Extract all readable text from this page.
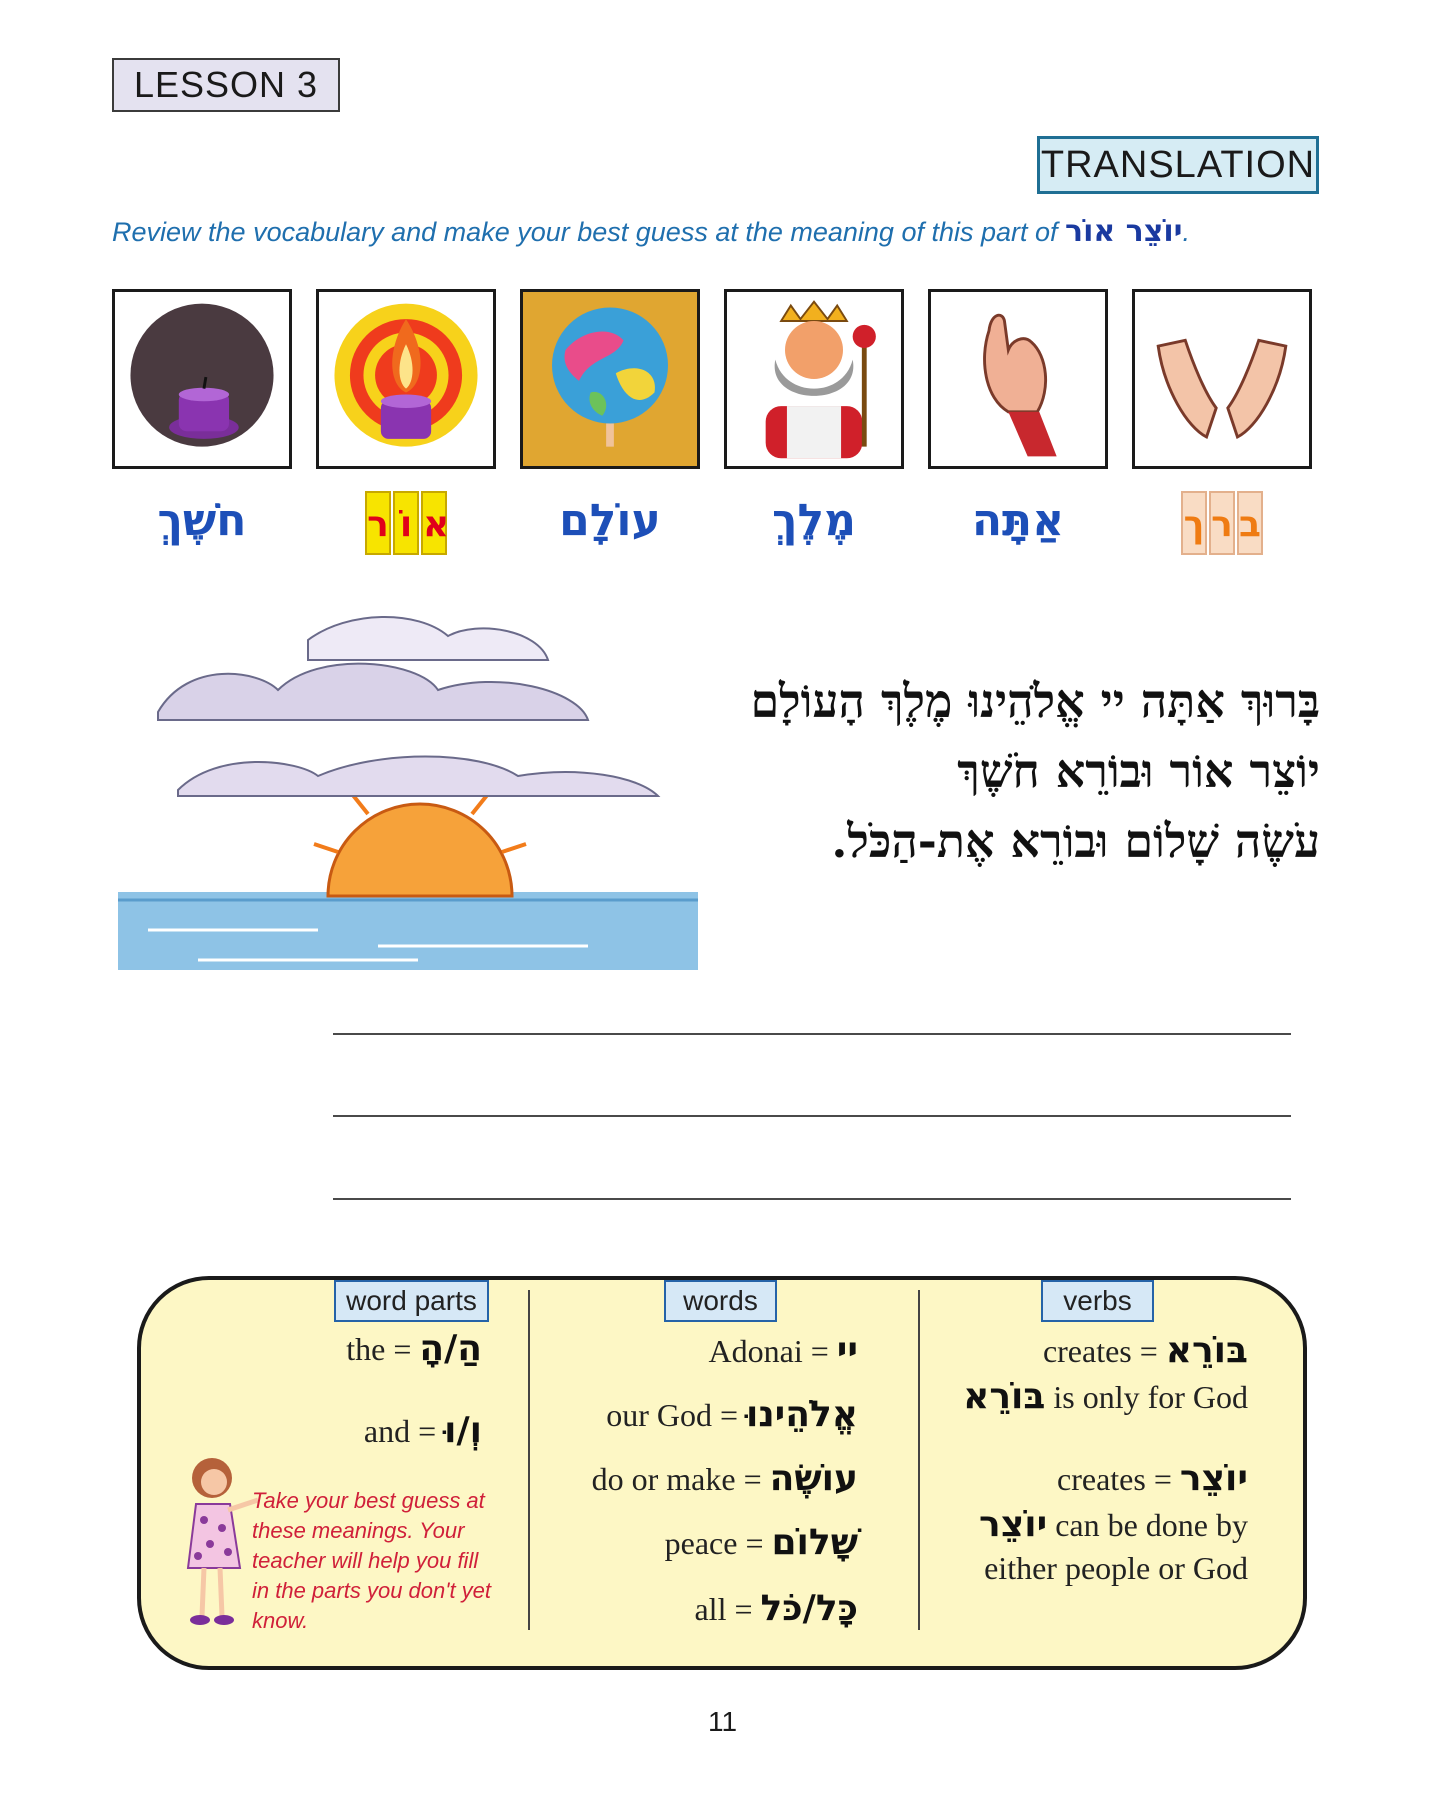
LESSON 3
TRANSLATION
Review the vocabulary and make your best guess at the meaning of this part of יוֹצֵר אוֹר.
חֹשֶׁךְ	ר וֹ א	עוֹלָם	מֶלֶךְ	אַתָּה	ך ר ב
בָּרוּךְ אַתָּה יי אֱלֹהֵינוּ מֶלֶךְ הָעוֹלָם
יוֹצֵר אוֹר וּבוֹרֵא חֹשֶׁךְ
עֹשֶׂה שָׁלוֹם וּבוֹרֵא אֶת-הַכֹּל.
word parts
the = הַ/הָ
and = וְ/וּ
Take your best guess at these meanings. Your teacher will help you fill in the parts you don't yet know.
words
Adonai = יי
our God = אֱלֹהֵינוּ
do or make = עוֹשֶׂה
peace = שָׁלוֹם
all = כָּל/כֹּל
verbs
creates = בּוֹרֵא
בּוֹרֵא is only for God
creates = יוֹצֵר
יוֹצֵר can be done by
either people or God
11
